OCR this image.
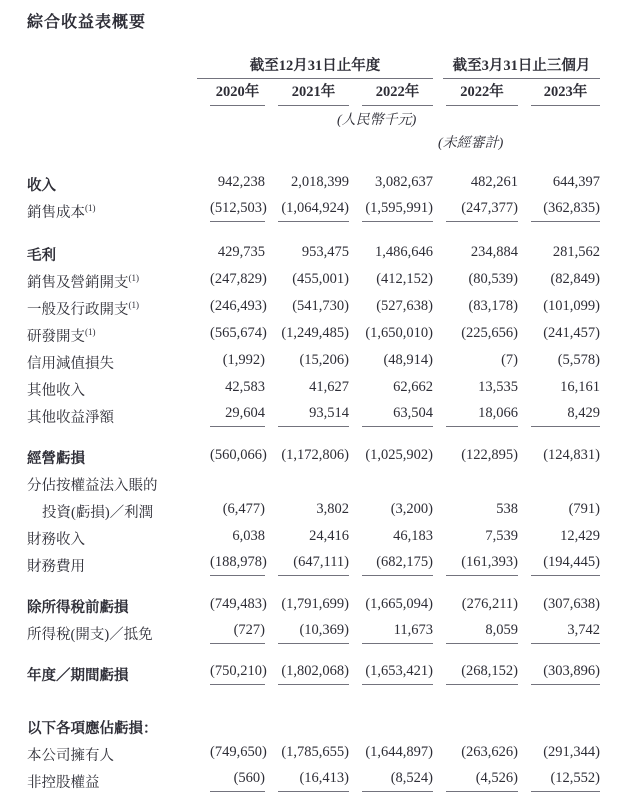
綜合收益表概要

	截至12月31日止年度			截至3月31日止三個月	

	2020年	2021年	2022年	2022年	2023年

(人民幣千元)					

(未經審計)					

收入	942,238	2,018,399	3,082,637	482,261	644,397

銷售成本$^{(1)}$	(512,503)	(1,064,924)	(1,595,991)	(247,377)	(362,835)

毛利	429,735	953,475	1,486,646	234,884	281,562

銷售及營銷開支$^{(1)}$	(247,829)	(455,001)	(412,152)	(80,539)	(82,849)

一般及行政開支$^{(1)}$	(246,493)	(541,730)	(527,638)	(83,178)	(101,099)

研發開支$^{(1)}$	(565,674)	(1,249,485)	(1,650,010)	(225,656)	(241,457)

信用減值損失	(1,992)	(15,206)	(48,914)	(7)	(5,578)

其他收入	42,583	41,627	62,662	13,535	16,161

其他收益淨額	29,604	93,514	63,504	18,066	8,429

經營虧損	(560,066)	(1,172,806)	(1,025,902)	(122,895)	(124,831)

分佔按權益法入賬的	

投資(虧損)／利潤	(6,477)	3,802	(3,200)	538	(791)

財務收入	6,038	24,416	46,183	7,539	12,429

財務費用	(188,978)	(647,111)	(682,175)	(161,393)	(194,445)

除所得稅前虧損	(749,483)	(1,791,699)	(1,665,094)	(276,211)	(307,638)

所得稅(開支)／抵免	(727)	(10,369)	11,673	8,059	3,742

年度／期間虧損	(750,210)	(1,802,068)	(1,653,421)	(268,152)	(303,896)

以下各項應佔虧損：	

本公司擁有人	(749,650)	(1,785,655)	(1,644,897)	(263,626)	(291,344)

非控股權益	(560)	(16,413)	(8,524)	(4,526)	(12,552)
